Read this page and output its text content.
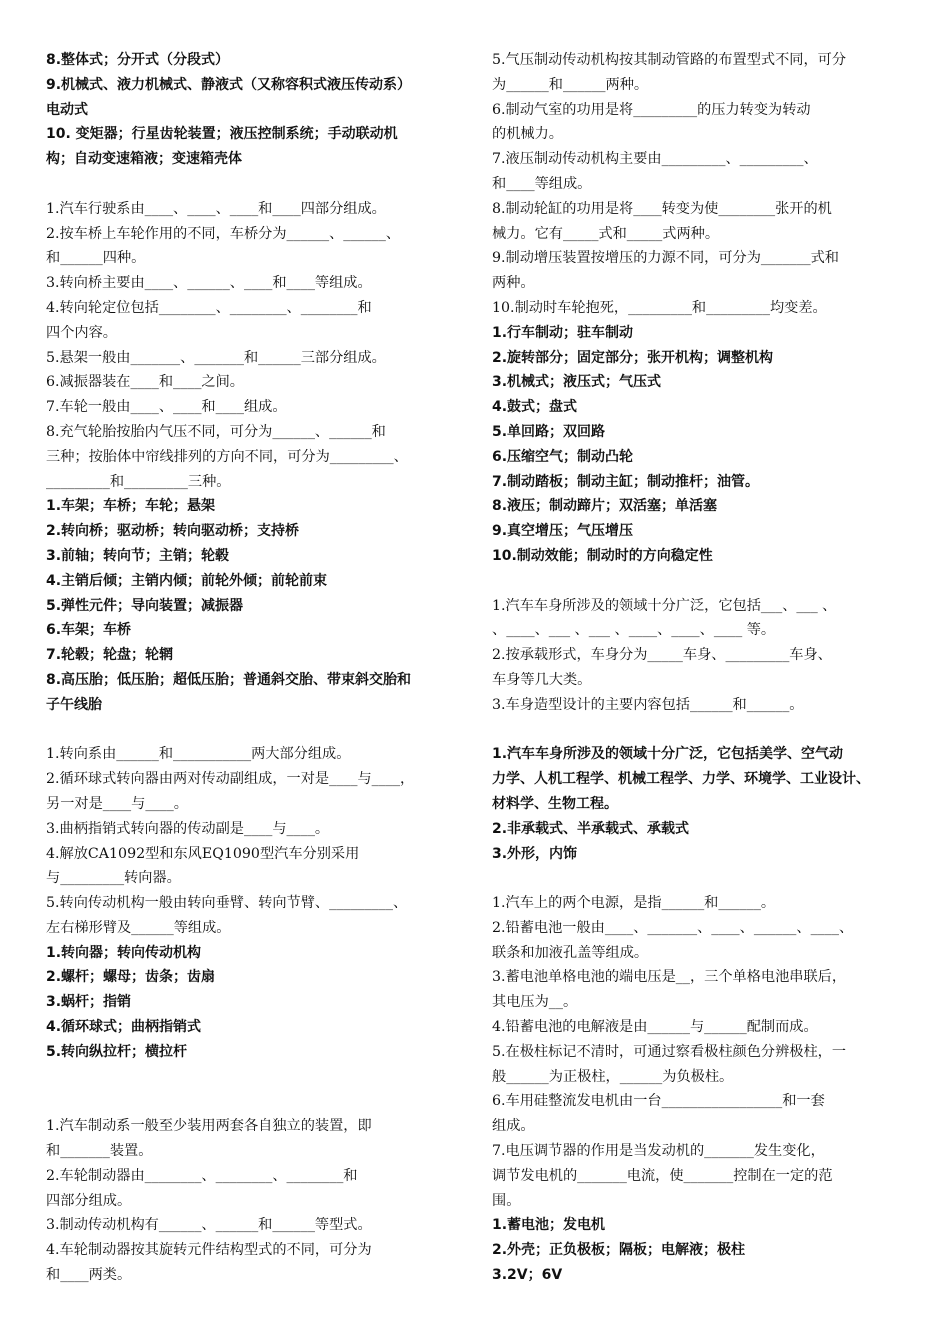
8.整体式；分开式（分段式）
9.机械式、液力机械式、静液式（又称容积式液压传动系）
电动式
10. 变矩器；行星齿轮装置；液压控制系统；手动联动机
构；自动变速箱液；变速箱壳体
1.汽车行驶系由____、____、____和____四部分组成。
2.按车桥上车轮作用的不同，车桥分为______、______、
和______四种。
3.转向桥主要由____、______、____和____等组成。
4.转向轮定位包括________、________、________和
四个内容。
5.悬架一般由_______、_______和______三部分组成。
6.减振器装在____和____之间。
7.车轮一般由____、____和____组成。
8.充气轮胎按胎内气压不同，可分为______、______和
三种；按胎体中帘线排列的方向不同，可分为_________、
_________和_________三种。
1.车架；车桥；车轮；悬架
2.转向桥；驱动桥；转向驱动桥；支持桥
3.前轴；转向节；主销；轮毂
4.主销后倾；主销内倾；前轮外倾；前轮前束
5.弹性元件；导向装置；减振器
6.车架；车桥
7.轮毂；轮盘；轮辋
8.高压胎；低压胎；超低压胎；普通斜交胎、带束斜交胎和
子午线胎
1.转向系由______和___________两大部分组成。
2.循环球式转向器由两对传动副组成，一对是____与____，
另一对是____与____。
3.曲柄指销式转向器的传动副是____与____。
4.解放CA1092型和东风EQ1090型汽车分别采用
与_________转向器。
5.转向传动机构一般由转向垂臂、转向节臂、_________、
左右梯形臂及______等组成。
1.转向器；转向传动机构
2.螺杆；螺母；齿条；齿扇
3.蜗杆；指销
4.循环球式；曲柄指销式
5.转向纵拉杆；横拉杆
1.汽车制动系一般至少装用两套各自独立的装置，即
和_______装置。
2.车轮制动器由________、________、________和
四部分组成。
3.制动传动机构有______、______和______等型式。
4.车轮制动器按其旋转元件结构型式的不同，可分为
和____两类。
5.气压制动传动机构按其制动管路的布置型式不同，可分
为______和______两种。
6.制动气室的功用是将_________的压力转变为转动
的机械力。
7.液压制动传动机构主要由_________、_________、
和____等组成。
8.制动轮缸的功用是将____转变为使________张开的机
械力。它有_____式和_____式两种。
9.制动增压装置按增压的力源不同，可分为_______式和
两种。
10.制动时车轮抱死，_________和_________均变差。
1.行车制动；驻车制动
2.旋转部分；固定部分；张开机构；调整机构
3.机械式；液压式；气压式
4.鼓式；盘式
5.单回路；双回路
6.压缩空气；制动凸轮
7.制动踏板；制动主缸；制动推杆；油管。
8.液压；制动蹄片；双活塞；单活塞
9.真空增压；气压增压
10.制动效能；制动时的方向稳定性
1.汽车车身所涉及的领域十分广泛，它包括___、___ 、
、____、___ 、___ 、____、____、____ 等。
2.按承载形式，车身分为_____车身、_________车身、
车身等几大类。
3.车身造型设计的主要内容包括______和______。
1.汽车车身所涉及的领域十分广泛，它包括美学、空气动
力学、人机工程学、机械工程学、力学、环境学、工业设计、
材料学、生物工程。
2.非承载式、半承载式、承载式
3.外形，内饰
1.汽车上的两个电源，是指______和______。
2.铅蓄电池一般由____、_______、____、______、____、
联条和加液孔盖等组成。
3.蓄电池单格电池的端电压是__，三个单格电池串联后，
其电压为__。
4.铅蓄电池的电解液是由______与______配制而成。
5.在极柱标记不清时，可通过察看极柱颜色分辨极柱，一
般______为正极柱，______为负极柱。
6.车用硅整流发电机由一台_________________和一套
组成。
7.电压调节器的作用是当发动机的_______发生变化，
调节发电机的_______电流，使_______控制在一定的范
围。
1.蓄电池；发电机
2.外壳；正负极板；隔板；电解液；极柱
3.2V；6V
